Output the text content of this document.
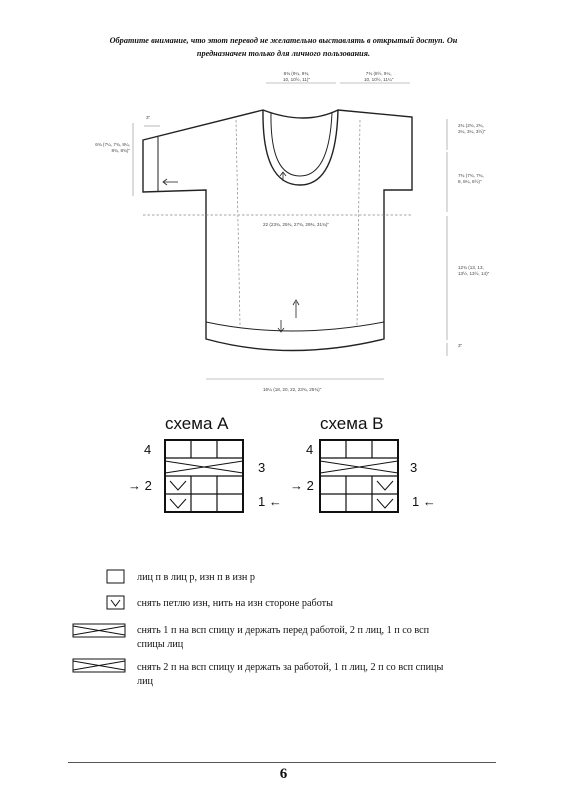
Обратите внимание, что этот перевод не желательно выставлять в открытый доступ. Он
предназначен только для личного пользования.
8¾ (9¼, 9¾,
10, 10½, 11)"
7¾ (8½, 9¼,
10, 10½, 11¼"
3"
6¾ (7¼, 7¾, 8¼,
8¾, 8¾)"
2¾ (2¾, 2¾,
3¼, 3¼, 3½)"
7¾ (7¾, 7¾,
8, 8¼, 8½)"
22 (23¾, 25¾, 27¾, 29¾, 31¾)"
12¾ (13, 13,
13½, 13½, 14)"
3"
16¼ (18, 20, 22, 23¾, 25¾)"
схема А
4
3
→ 2
1 ←
схема В
4
3
→ 2
1 ←
лиц п в лиц р, изн п в изн р
снять петлю изн, нить на изн стороне работы
снять 1 п на всп спицу и держать перед работой, 2 п лиц, 1 п со всп
спицы лиц
снять 2 п на всп спицу и держать за работой, 1 п лиц, 2 п со всп спицы
лиц
6
